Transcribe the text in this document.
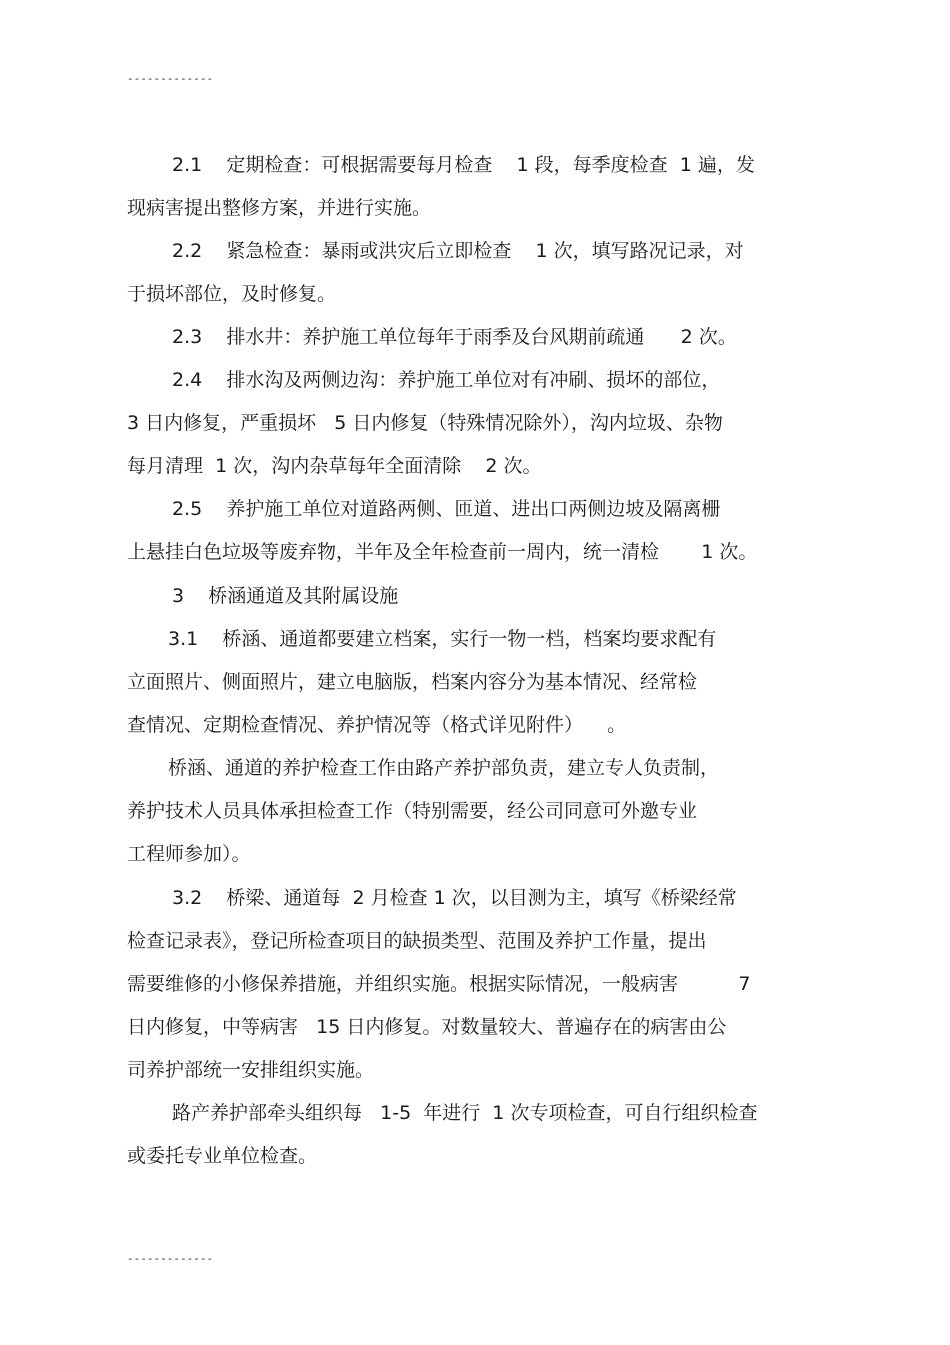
-------------
2.1    定期检查：可根据需要每月检查    1 段，每季度检查  1 遍，发
现病害提出整修方案，并进行实施。
2.2    紧急检查：暴雨或洪灾后立即检查    1 次，填写路况记录，对
于损坏部位，及时修复。
2.3    排水井：养护施工单位每年于雨季及台风期前疏通      2 次。
2.4    排水沟及两侧边沟：养护施工单位对有冲刷、损坏的部位，
3 日内修复，严重损坏   5 日内修复（特殊情况除外），沟内垃圾、杂物
每月清理  1 次，沟内杂草每年全面清除    2 次。
2.5    养护施工单位对道路两侧、匝道、进出口两侧边坡及隔离栅
上悬挂白色垃圾等废弃物，半年及全年检查前一周内，统一清检       1 次。
3    桥涵通道及其附属设施
3.1    桥涵、通道都要建立档案，实行一物一档，档案均要求配有
立面照片、侧面照片，建立电脑版，档案内容分为基本情况、经常检
查情况、定期检查情况、养护情况等（格式详见附件）    。
桥涵、通道的养护检查工作由路产养护部负责，建立专人负责制，
养护技术人员具体承担检查工作（特别需要，经公司同意可外邀专业
工程师参加）。
3.2    桥梁、通道每  2 月检查 1 次，以目测为主，填写《桥梁经常
检查记录表》，登记所检查项目的缺损类型、范围及养护工作量，提出
需要维修的小修保养措施，并组织实施。根据实际情况，一般病害          7
日内修复，中等病害   15 日内修复。对数量较大、普遍存在的病害由公
司养护部统一安排组织实施。
路产养护部牵头组织每   1-5  年进行  1 次专项检查，可自行组织检查
或委托专业单位检查。
-------------
